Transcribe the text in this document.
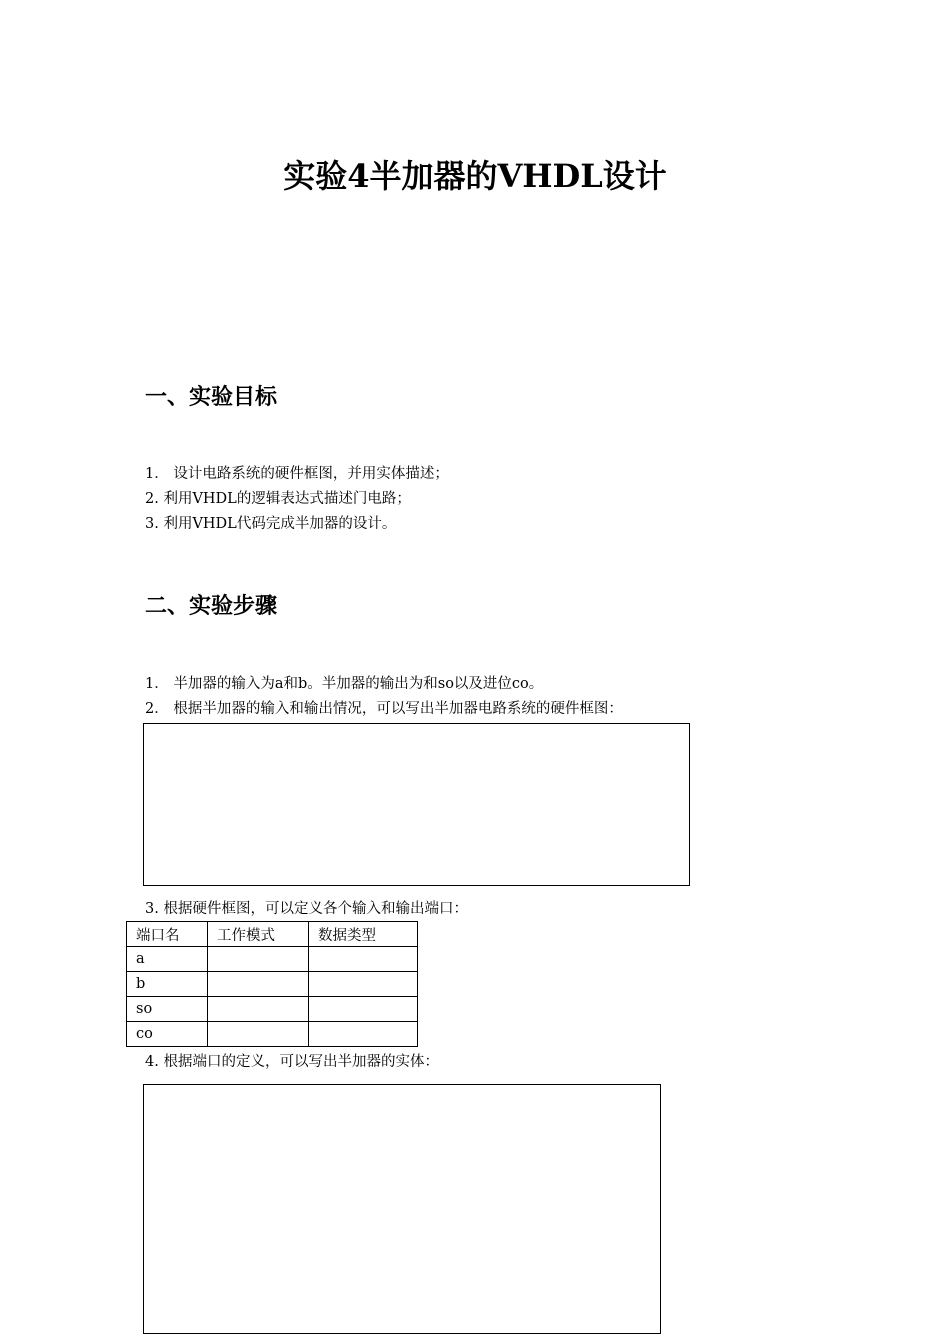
实验4半加器的VHDL设计
一、实验目标
1． 设计电路系统的硬件框图，并用实体描述；
2. 利用VHDL的逻辑表达式描述门电路；
3. 利用VHDL代码完成半加器的设计。
二、实验步骤
1． 半加器的输入为a和b。半加器的输出为和so以及进位co。
2． 根据半加器的输入和输出情况，可以写出半加器电路系统的硬件框图：
3. 根据硬件框图，可以定义各个输入和输出端口：
端口名	工作模式	数据类型
a		
b		
so		
co		
4. 根据端口的定义，可以写出半加器的实体：
